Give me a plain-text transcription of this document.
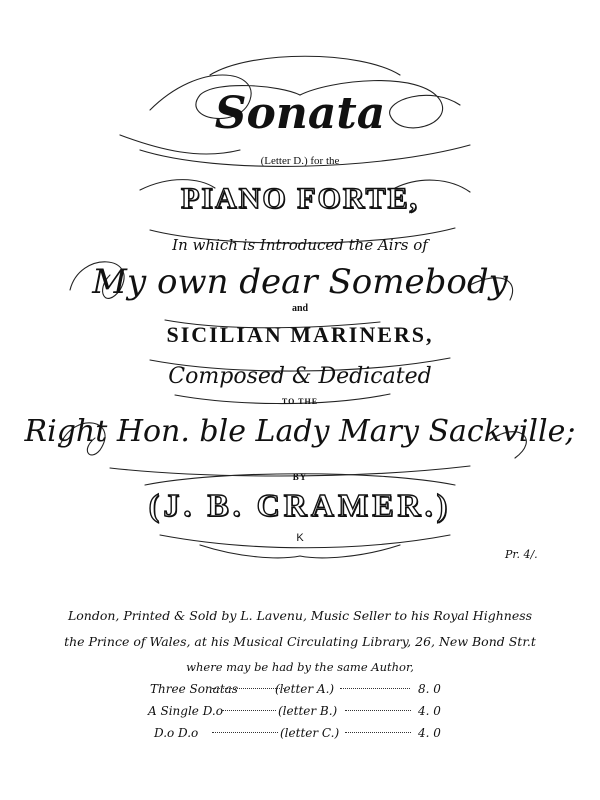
Sonata
(Letter D.) for the
PIANO FORTE,
In which is Introduced the Airs of
My own dear Somebody
and
SICILIAN MARINERS,
Composed & Dedicated
TO THE
Right Hon. ble Lady Mary Sackville;
BY
(J. B. CRAMER.)
K
Pr. 4/.
London, Printed & Sold by L. Lavenu, Music Seller to his Royal Highness
the Prince of Wales, at his Musical Circulating Library, 26, New Bond Str.t
where may be had by the same Author,
Three Sonatas	(letter A.)	8. 0
A Single D.o	(letter B.)	4. 0
D.o D.o	(letter C.)	4. 0
